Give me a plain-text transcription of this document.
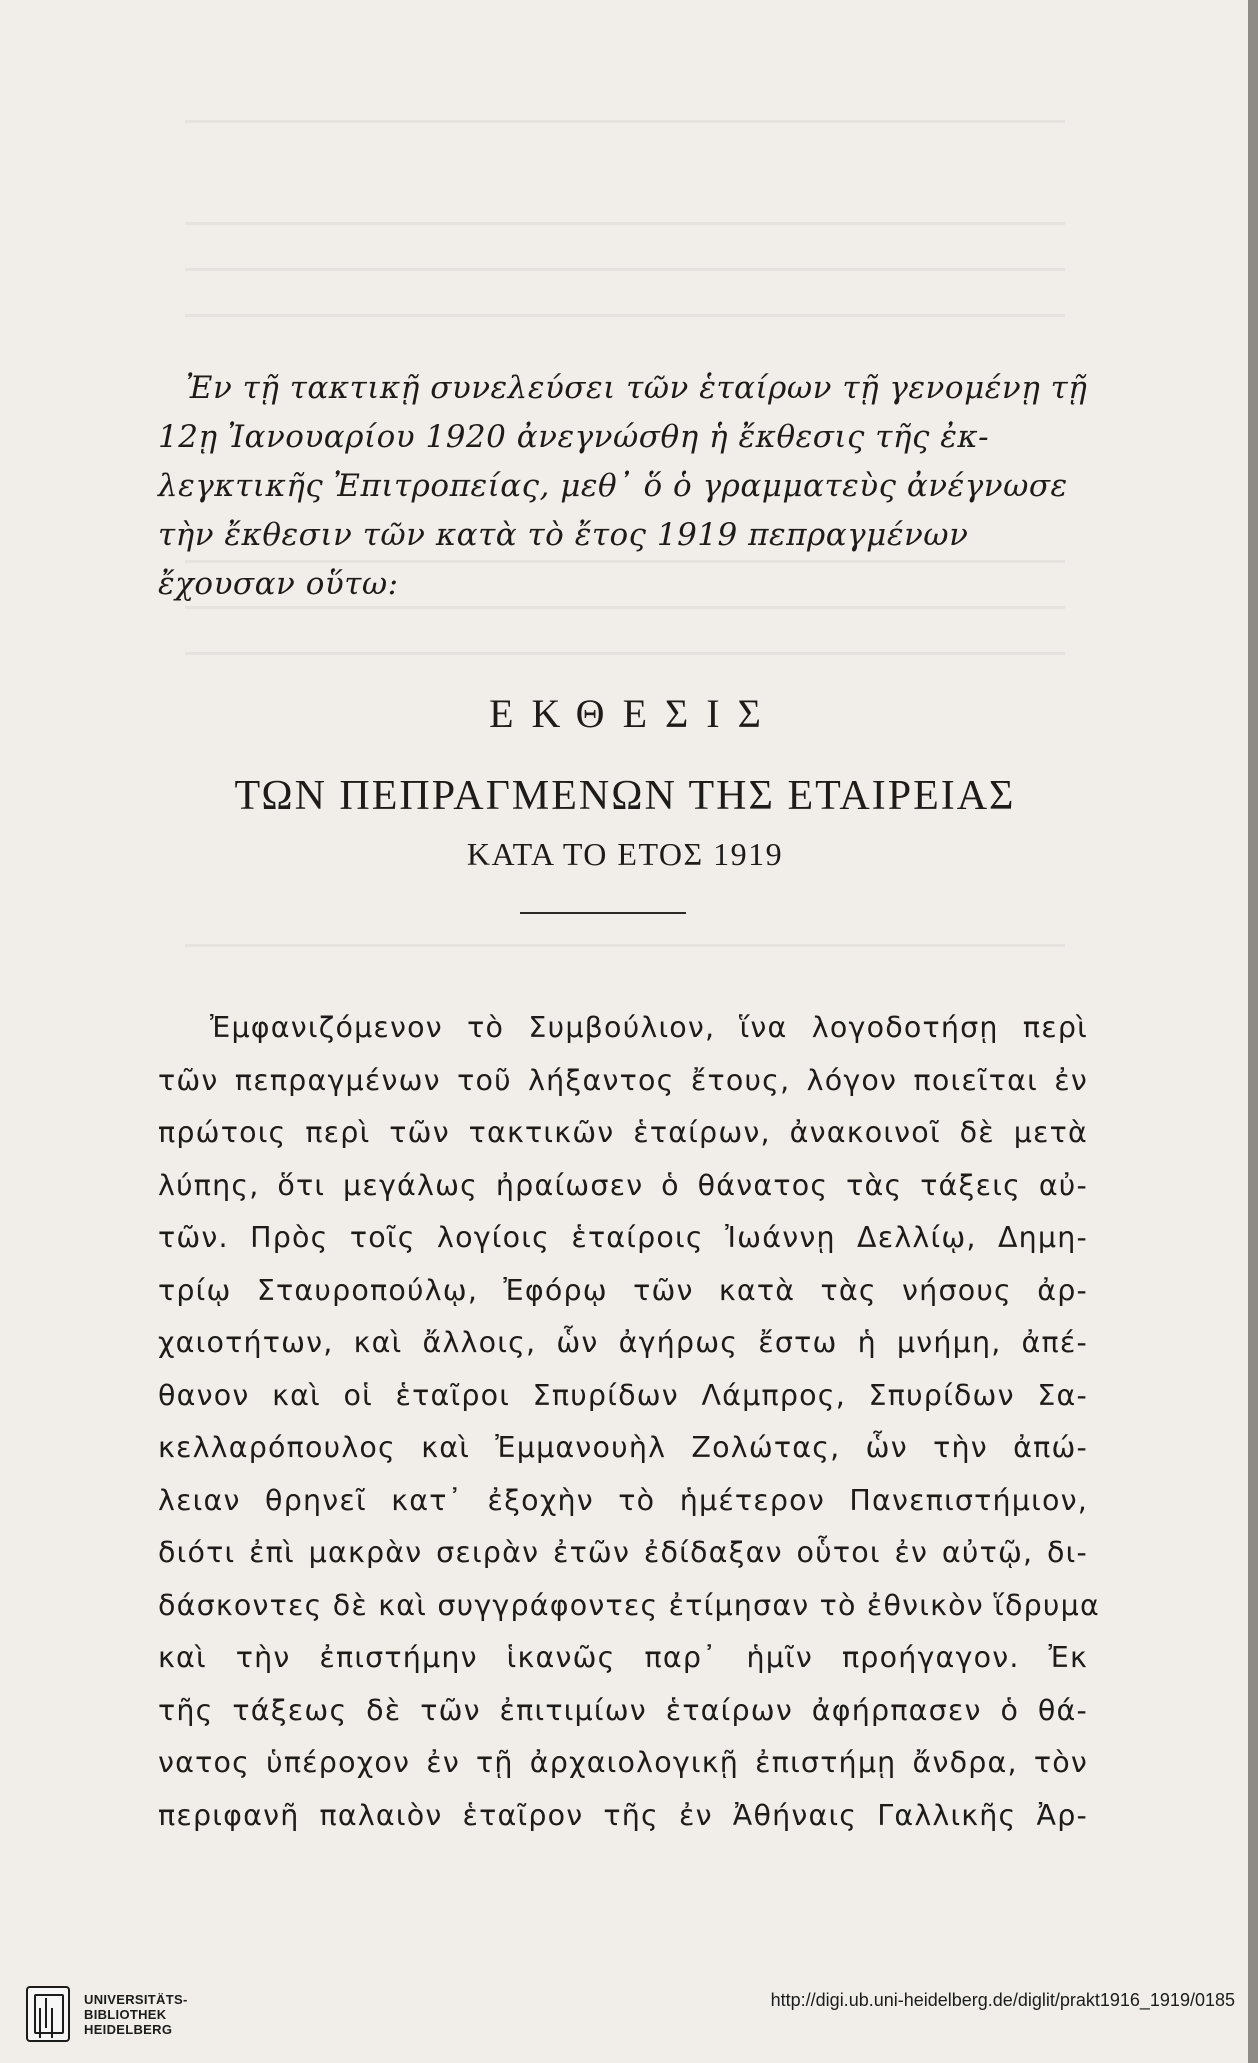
Ἐν τῇ τακτικῇ συνελεύσει τῶν ἑταίρων τῇ γενομένῃ τῇ
12ῃ Ἰανουαρίου 1920 ἀνεγνώσθη ἡ ἔκθεσις τῆς ἐκ-
λεγκτικῆς Ἐπιτροπείας, μεθ᾽ ὅ ὁ γραμματεὺς ἀνέγνωσε
τὴν ἔκθεσιν τῶν κατὰ τὸ ἔτος 1919 πεπραγμένων
ἔχουσαν οὕτω:
ΕΚΘΕΣΙΣ
ΤΩΝ ΠΕΠΡΑΓΜΕΝΩΝ ΤΗΣ ΕΤΑΙΡΕΙΑΣ
ΚΑΤΑ ΤΟ ΕΤΟΣ 1919
Ἐμφανιζόμενον τὸ Συμβούλιον, ἵνα λογοδοτήσῃ περὶ
τῶν πεπραγμένων τοῦ λήξαντος ἔτους, λόγον ποιεῖται ἐν
πρώτοις περὶ τῶν τακτικῶν ἑταίρων, ἀνακοινοῖ δὲ μετὰ
λύπης, ὅτι μεγάλως ἠραίωσεν ὁ θάνατος τὰς τάξεις αὐ-
τῶν. Πρὸς τοῖς λογίοις ἑταίροις Ἰωάννῃ Δελλίῳ, Δημη-
τρίῳ Σταυροπούλῳ, Ἐφόρῳ τῶν κατὰ τὰς νήσους ἀρ-
χαιοτήτων, καὶ ἄλλοις, ὧν ἀγήρως ἔστω ἡ μνήμη, ἀπέ-
θανον καὶ οἱ ἑταῖροι Σπυρίδων Λάμπρος, Σπυρίδων Σα-
κελλαρόπουλος καὶ Ἐμμανουὴλ Ζολώτας, ὧν τὴν ἀπώ-
λειαν θρηνεῖ κατ᾽ ἐξοχὴν τὸ ἡμέτερον Πανεπιστήμιον,
διότι ἐπὶ μακρὰν σειρὰν ἐτῶν ἐδίδαξαν οὗτοι ἐν αὐτῷ, δι-
δάσκοντες δὲ καὶ συγγράφοντες ἐτίμησαν τὸ ἐθνικὸν ἵδρυμα
καὶ τὴν ἐπιστήμην ἱκανῶς παρ᾽ ἡμῖν προήγαγον. Ἐκ
τῆς τάξεως δὲ τῶν ἐπιτιμίων ἑταίρων ἀφήρπασεν ὁ θά-
νατος ὑπέροχον ἐν τῇ ἀρχαιολογικῇ ἐπιστήμῃ ἄνδρα, τὸν
περιφανῆ παλαιὸν ἑταῖρον τῆς ἐν Ἀθήναις Γαλλικῆς Ἀρ-
UNIVERSITÄTS-
BIBLIOTHEK
HEIDELBERG
http://digi.ub.uni-heidelberg.de/diglit/prakt1916_1919/0185
